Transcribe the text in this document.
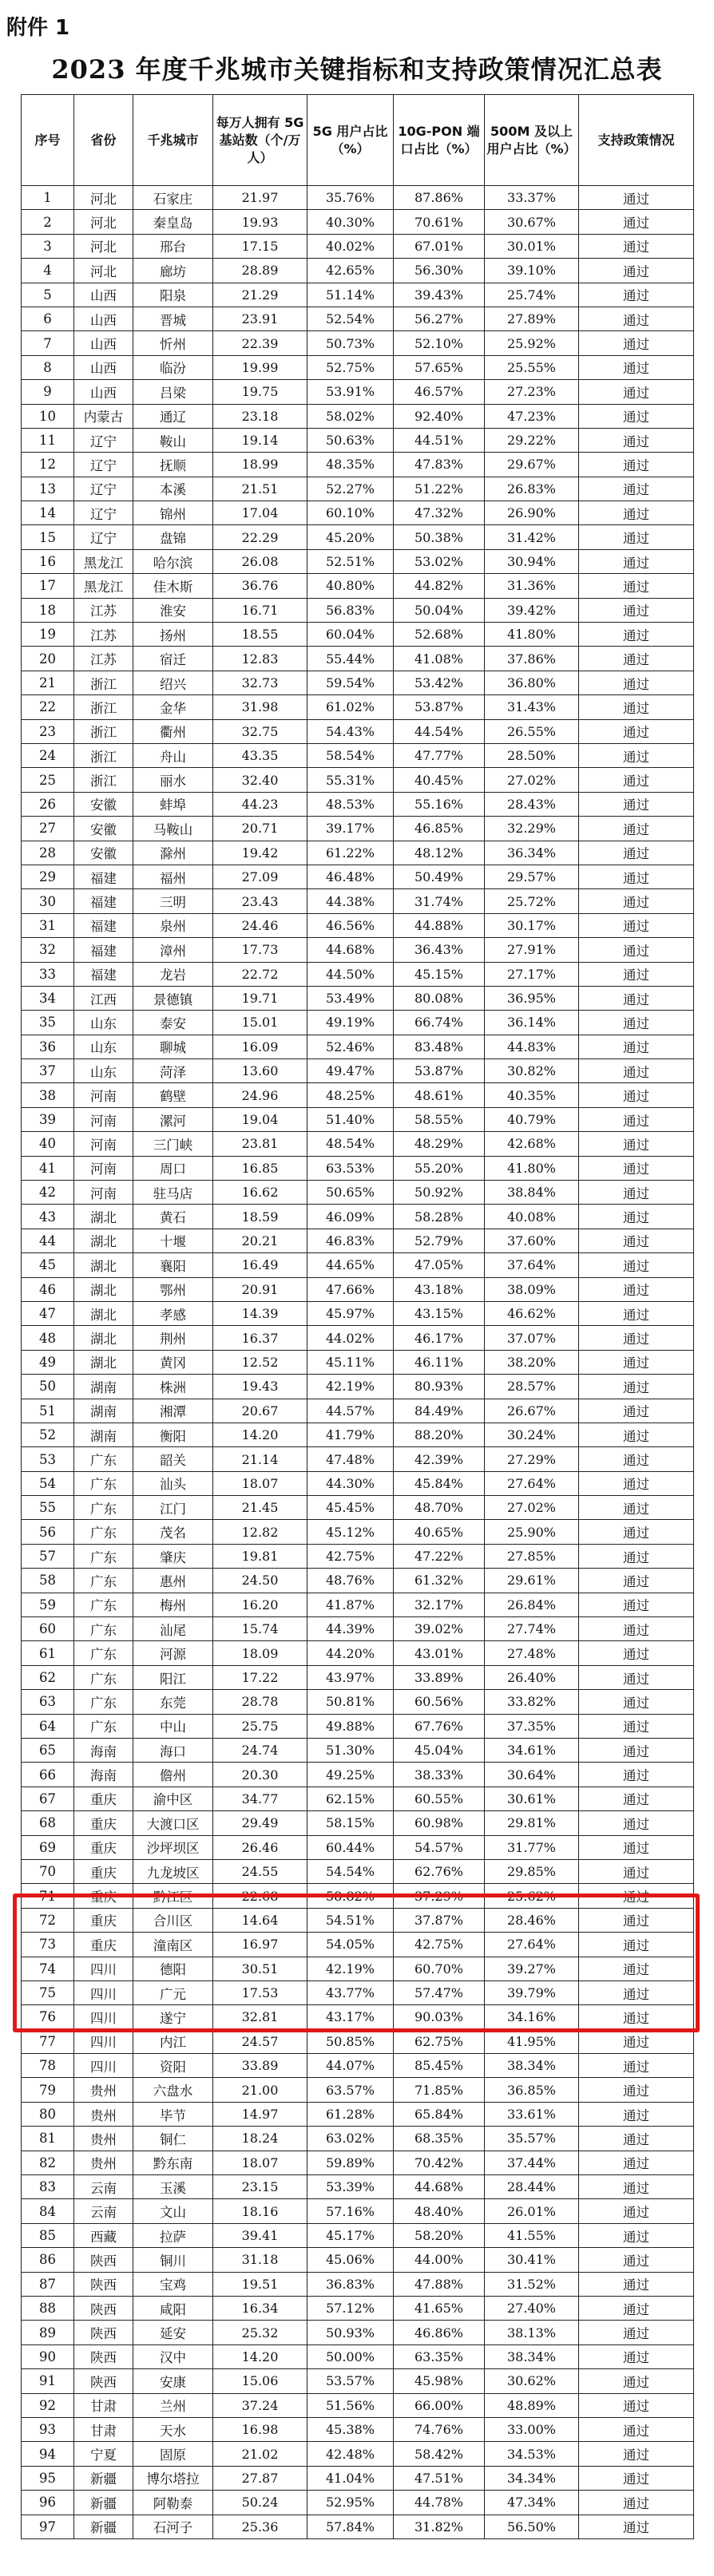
附件 1
2023 年度千兆城市关键指标和支持政策情况汇总表
序号	省份	千兆城市	每万人拥有 5G 基站数（个/万人）	5G 用户占比（%）	10G-PON 端口占比（%）	500M 及以上用户占比（%）	支持政策情况
1	河北	石家庄	21.97	35.76%	87.86%	33.37%	通过
2	河北	秦皇岛	19.93	40.30%	70.61%	30.67%	通过
3	河北	邢台	17.15	40.02%	67.01%	30.01%	通过
4	河北	廊坊	28.89	42.65%	56.30%	39.10%	通过
5	山西	阳泉	21.29	51.14%	39.43%	25.74%	通过
6	山西	晋城	23.91	52.54%	56.27%	27.89%	通过
7	山西	忻州	22.39	50.73%	52.10%	25.92%	通过
8	山西	临汾	19.99	52.75%	57.65%	25.55%	通过
9	山西	吕梁	19.75	53.91%	46.57%	27.23%	通过
10	内蒙古	通辽	23.18	58.02%	92.40%	47.23%	通过
11	辽宁	鞍山	19.14	50.63%	44.51%	29.22%	通过
12	辽宁	抚顺	18.99	48.35%	47.83%	29.67%	通过
13	辽宁	本溪	21.51	52.27%	51.22%	26.83%	通过
14	辽宁	锦州	17.04	60.10%	47.32%	26.90%	通过
15	辽宁	盘锦	22.29	45.20%	50.38%	31.42%	通过
16	黑龙江	哈尔滨	26.08	52.51%	53.02%	30.94%	通过
17	黑龙江	佳木斯	36.76	40.80%	44.82%	31.36%	通过
18	江苏	淮安	16.71	56.83%	50.04%	39.42%	通过
19	江苏	扬州	18.55	60.04%	52.68%	41.80%	通过
20	江苏	宿迁	12.83	55.44%	41.08%	37.86%	通过
21	浙江	绍兴	32.73	59.54%	53.42%	36.80%	通过
22	浙江	金华	31.98	61.02%	53.87%	31.43%	通过
23	浙江	衢州	32.75	54.43%	44.54%	26.55%	通过
24	浙江	舟山	43.35	58.54%	47.77%	28.50%	通过
25	浙江	丽水	32.40	55.31%	40.45%	27.02%	通过
26	安徽	蚌埠	44.23	48.53%	55.16%	28.43%	通过
27	安徽	马鞍山	20.71	39.17%	46.85%	32.29%	通过
28	安徽	滁州	19.42	61.22%	48.12%	36.34%	通过
29	福建	福州	27.09	46.48%	50.49%	29.57%	通过
30	福建	三明	23.43	44.38%	31.74%	25.72%	通过
31	福建	泉州	24.46	46.56%	44.88%	30.17%	通过
32	福建	漳州	17.73	44.68%	36.43%	27.91%	通过
33	福建	龙岩	22.72	44.50%	45.15%	27.17%	通过
34	江西	景德镇	19.71	53.49%	80.08%	36.95%	通过
35	山东	泰安	15.01	49.19%	66.74%	36.14%	通过
36	山东	聊城	16.09	52.46%	83.48%	44.83%	通过
37	山东	菏泽	13.60	49.47%	53.87%	30.82%	通过
38	河南	鹤壁	24.96	48.25%	48.61%	40.35%	通过
39	河南	漯河	19.04	51.40%	58.55%	40.79%	通过
40	河南	三门峡	23.81	48.54%	48.29%	42.68%	通过
41	河南	周口	16.85	63.53%	55.20%	41.80%	通过
42	河南	驻马店	16.62	50.65%	50.92%	38.84%	通过
43	湖北	黄石	18.59	46.09%	58.28%	40.08%	通过
44	湖北	十堰	20.21	46.83%	52.79%	37.60%	通过
45	湖北	襄阳	16.49	44.65%	47.05%	37.64%	通过
46	湖北	鄂州	20.91	47.66%	43.18%	38.09%	通过
47	湖北	孝感	14.39	45.97%	43.15%	46.62%	通过
48	湖北	荆州	16.37	44.02%	46.17%	37.07%	通过
49	湖北	黄冈	12.52	45.11%	46.11%	38.20%	通过
50	湖南	株洲	19.43	42.19%	80.93%	28.57%	通过
51	湖南	湘潭	20.67	44.57%	84.49%	26.67%	通过
52	湖南	衡阳	14.20	41.79%	88.20%	30.24%	通过
53	广东	韶关	21.14	47.48%	42.39%	27.29%	通过
54	广东	汕头	18.07	44.30%	45.84%	27.64%	通过
55	广东	江门	21.45	45.45%	48.70%	27.02%	通过
56	广东	茂名	12.82	45.12%	40.65%	25.90%	通过
57	广东	肇庆	19.81	42.75%	47.22%	27.85%	通过
58	广东	惠州	24.50	48.76%	61.32%	29.61%	通过
59	广东	梅州	16.20	41.87%	32.17%	26.84%	通过
60	广东	汕尾	15.74	44.39%	39.02%	27.74%	通过
61	广东	河源	18.09	44.20%	43.01%	27.48%	通过
62	广东	阳江	17.22	43.97%	33.89%	26.40%	通过
63	广东	东莞	28.78	50.81%	60.56%	33.82%	通过
64	广东	中山	25.75	49.88%	67.76%	37.35%	通过
65	海南	海口	24.74	51.30%	45.04%	34.61%	通过
66	海南	儋州	20.30	49.25%	38.33%	30.64%	通过
67	重庆	渝中区	34.77	62.15%	60.55%	30.61%	通过
68	重庆	大渡口区	29.49	58.15%	60.98%	29.81%	通过
69	重庆	沙坪坝区	26.46	60.44%	54.57%	31.77%	通过
70	重庆	九龙坡区	24.55	54.54%	62.76%	29.85%	通过
71	重庆	黔江区	22.68	58.82%	37.29%	25.62%	通过
72	重庆	合川区	14.64	54.51%	37.87%	28.46%	通过
73	重庆	潼南区	16.97	54.05%	42.75%	27.64%	通过
74	四川	德阳	30.51	42.19%	60.70%	39.27%	通过
75	四川	广元	17.53	43.77%	57.47%	39.79%	通过
76	四川	遂宁	32.81	43.17%	90.03%	34.16%	通过
77	四川	内江	24.57	50.85%	62.75%	41.95%	通过
78	四川	资阳	33.89	44.07%	85.45%	38.34%	通过
79	贵州	六盘水	21.00	63.57%	71.85%	36.85%	通过
80	贵州	毕节	14.97	61.28%	65.84%	33.61%	通过
81	贵州	铜仁	18.24	63.02%	68.35%	35.57%	通过
82	贵州	黔东南	18.07	59.89%	70.42%	37.44%	通过
83	云南	玉溪	23.15	53.39%	44.68%	28.44%	通过
84	云南	文山	18.16	57.16%	48.40%	26.01%	通过
85	西藏	拉萨	39.41	45.17%	58.20%	41.55%	通过
86	陕西	铜川	31.18	45.06%	44.00%	30.41%	通过
87	陕西	宝鸡	19.51	36.83%	47.88%	31.52%	通过
88	陕西	咸阳	16.34	57.12%	41.65%	27.40%	通过
89	陕西	延安	25.32	50.93%	46.86%	38.13%	通过
90	陕西	汉中	14.20	50.00%	63.35%	38.34%	通过
91	陕西	安康	15.06	53.57%	45.98%	30.62%	通过
92	甘肃	兰州	37.24	51.56%	66.00%	48.89%	通过
93	甘肃	天水	16.98	45.38%	74.76%	33.00%	通过
94	宁夏	固原	21.02	42.48%	58.42%	34.53%	通过
95	新疆	博尔塔拉	27.87	41.04%	47.51%	34.34%	通过
96	新疆	阿勒泰	50.24	52.95%	44.78%	47.34%	通过
97	新疆	石河子	25.36	57.84%	31.82%	56.50%	通过
